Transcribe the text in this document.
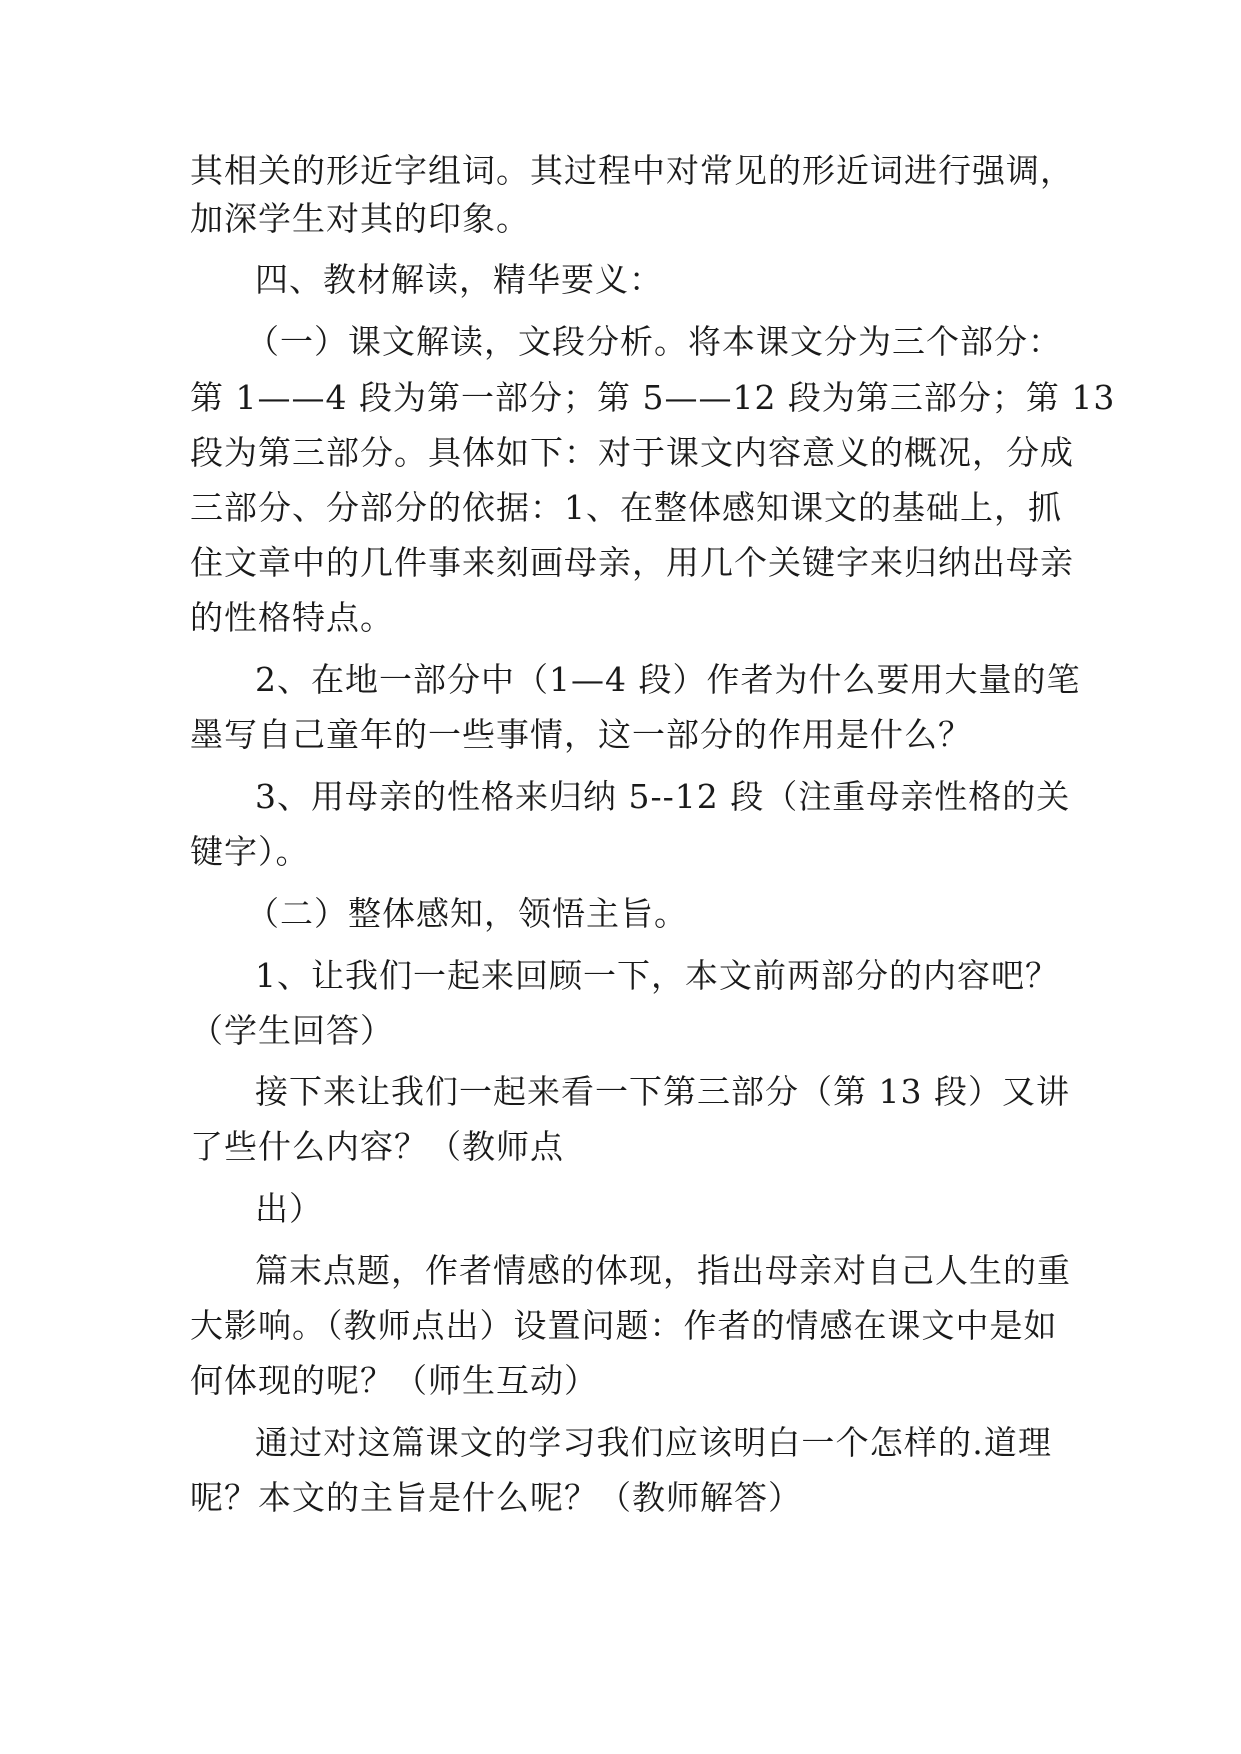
其相关的形近字组词。其过程中对常见的形近词进行强调，
加深学生对其的印象。
四、教材解读，精华要义：
（一）课文解读，文段分析。将本课文分为三个部分：
第 1——4 段为第一部分；第 5——12 段为第三部分；第 13
段为第三部分。具体如下：对于课文内容意义的概况，分成
三部分、分部分的依据：1、在整体感知课文的基础上，抓
住文章中的几件事来刻画母亲，用几个关键字来归纳出母亲
的性格特点。
2、在地一部分中（1—4 段）作者为什么要用大量的笔
墨写自己童年的一些事情，这一部分的作用是什么？
3、用母亲的性格来归纳 5--12 段（注重母亲性格的关
键字）。
（二）整体感知，领悟主旨。
1、让我们一起来回顾一下，本文前两部分的内容吧？
（学生回答）
接下来让我们一起来看一下第三部分（第 13 段）又讲
了些什么内容？（教师点
出）
篇末点题，作者情感的体现，指出母亲对自己人生的重
大影响。（教师点出）设置问题：作者的情感在课文中是如
何体现的呢？（师生互动）
通过对这篇课文的学习我们应该明白一个怎样的.道理
呢？本文的主旨是什么呢？（教师解答）
